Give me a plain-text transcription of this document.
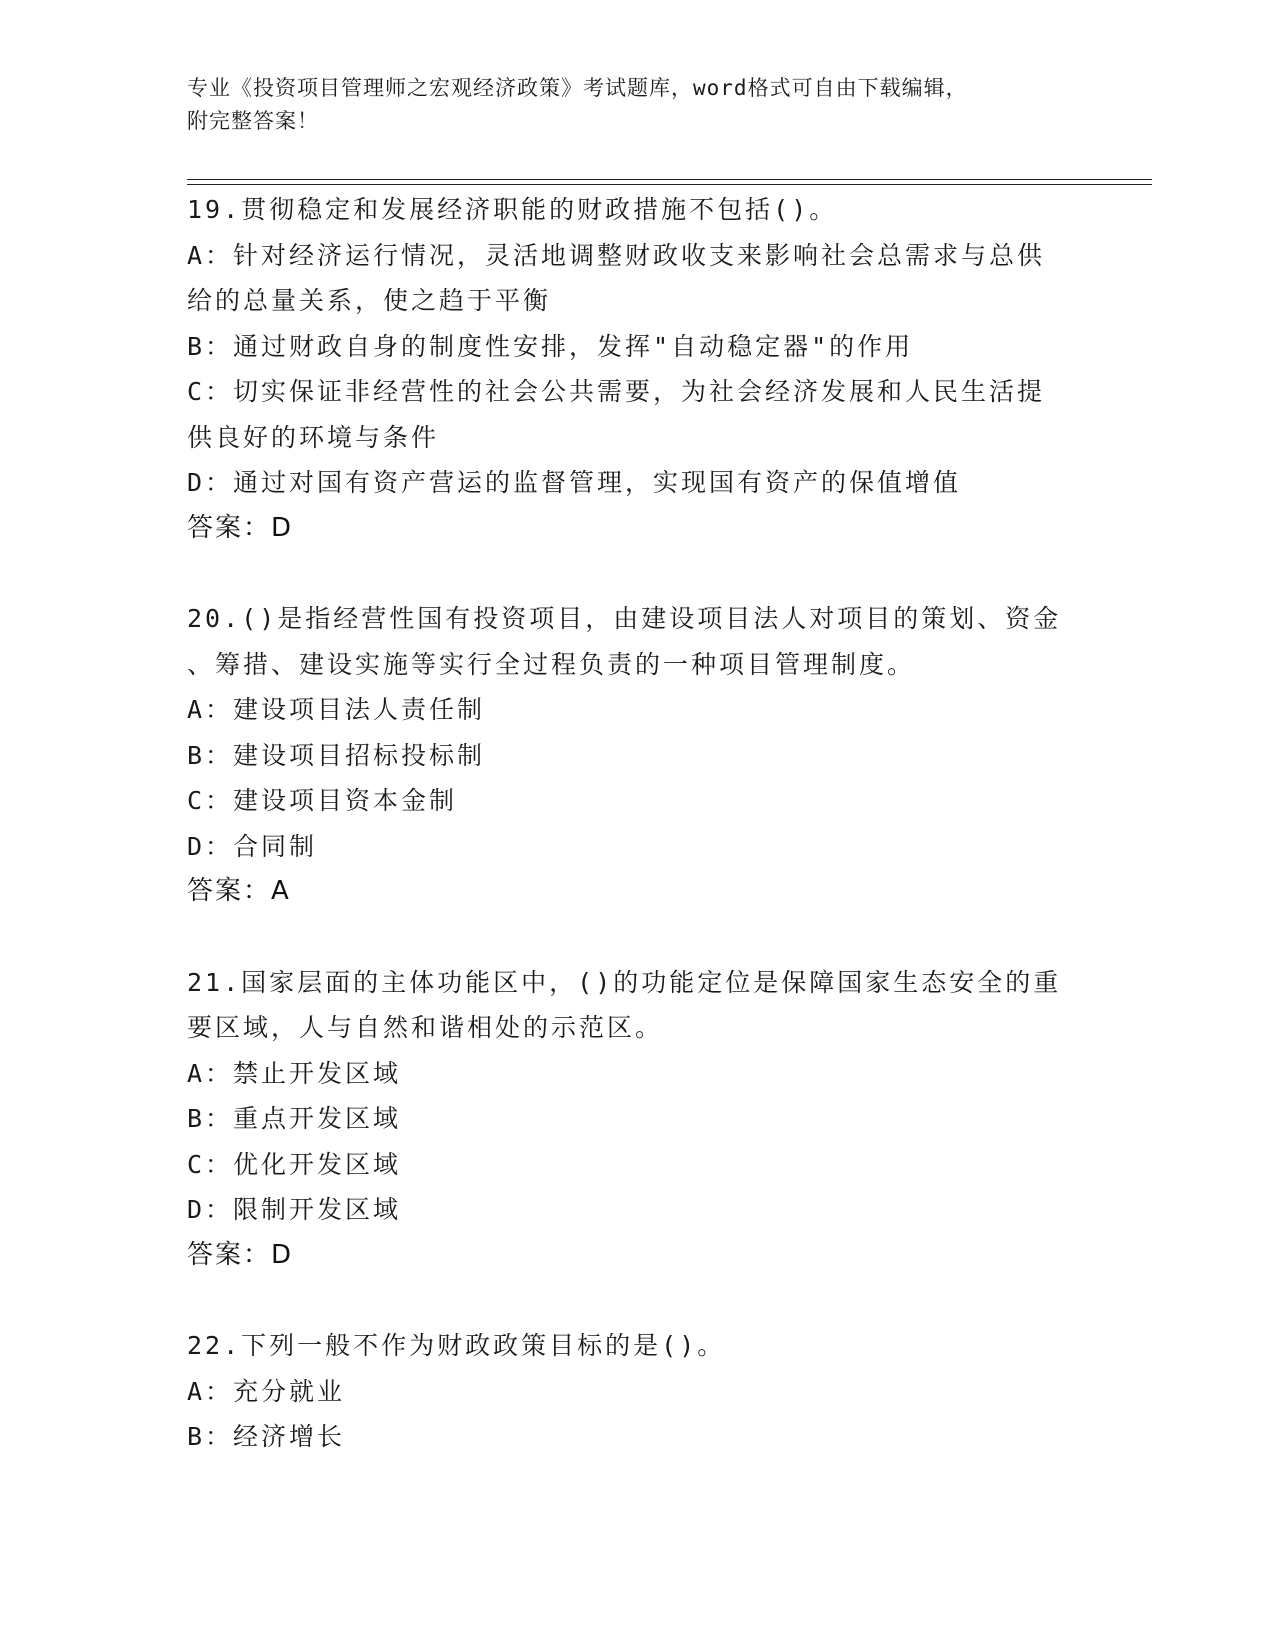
专业《投资项目管理师之宏观经济政策》考试题库，word格式可自由下载编辑，
附完整答案！
19.贯彻稳定和发展经济职能的财政措施不包括()。
A：针对经济运行情况，灵活地调整财政收支来影响社会总需求与总供
给的总量关系，使之趋于平衡
B：通过财政自身的制度性安排，发挥"自动稳定器"的作用
C：切实保证非经营性的社会公共需要，为社会经济发展和人民生活提
供良好的环境与条件
D：通过对国有资产营运的监督管理，实现国有资产的保值增值
答案：D
20.()是指经营性国有投资项目，由建设项目法人对项目的策划、资金
、筹措、建设实施等实行全过程负责的一种项目管理制度。
A：建设项目法人责任制
B：建设项目招标投标制
C：建设项目资本金制
D：合同制
答案：A
21.国家层面的主体功能区中，()的功能定位是保障国家生态安全的重
要区域，人与自然和谐相处的示范区。
A：禁止开发区域
B：重点开发区域
C：优化开发区域
D：限制开发区域
答案：D
22.下列一般不作为财政政策目标的是()。
A：充分就业
B：经济增长
